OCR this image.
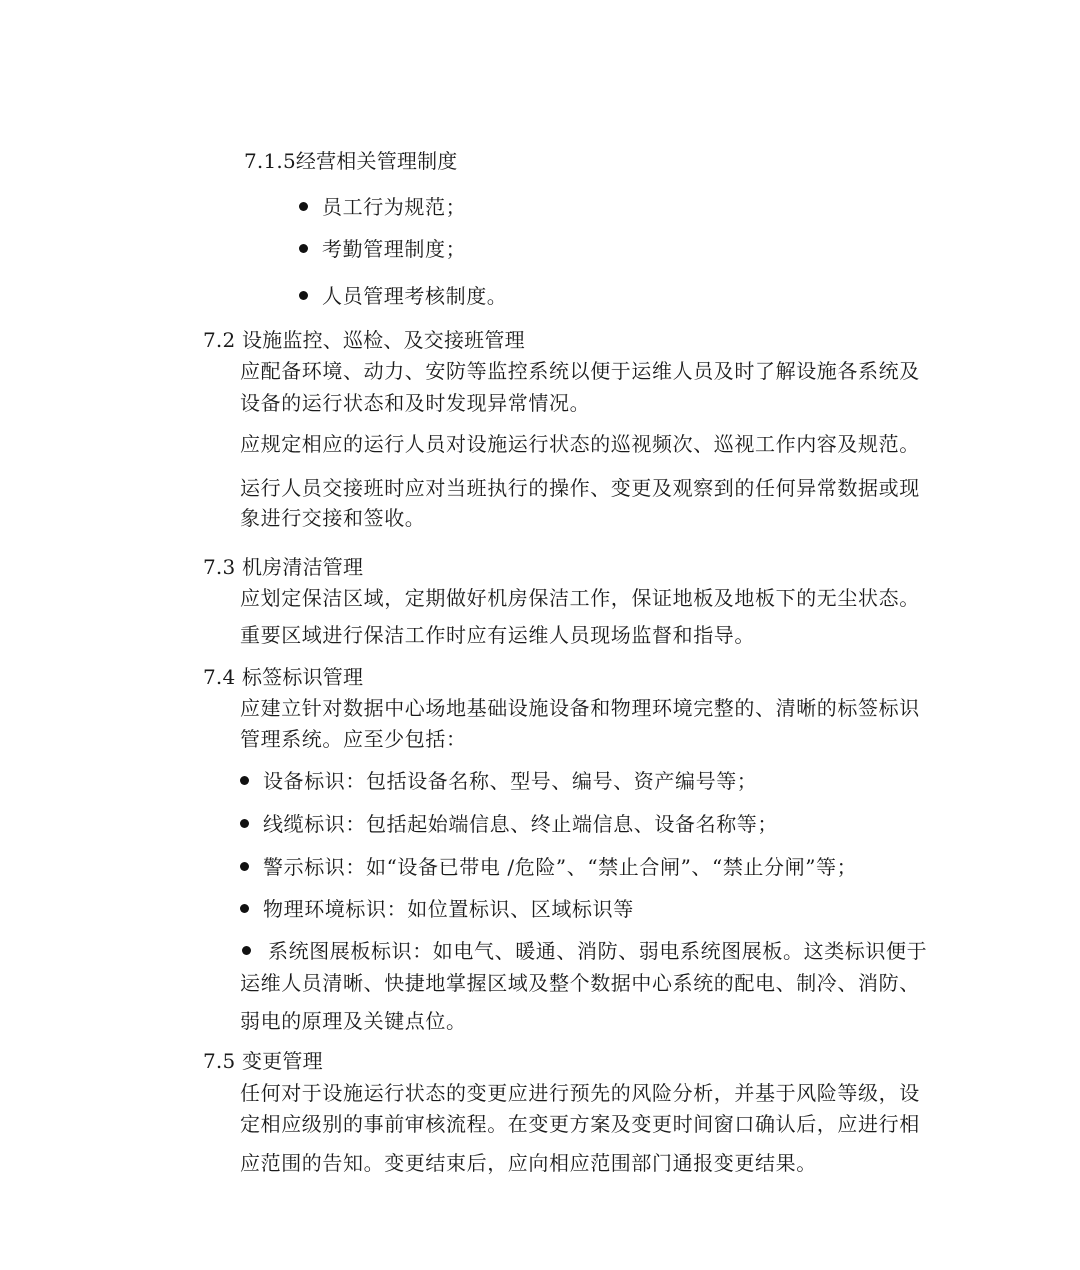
7.1.5经营相关管理制度
员工行为规范；
考勤管理制度；
人员管理考核制度。
7.2 设施监控、巡检、及交接班管理
应配备环境、动力、安防等监控系统以便于运维人员及时了解设施各系统及
设备的运行状态和及时发现异常情况。
应规定相应的运行人员对设施运行状态的巡视频次、巡视工作内容及规范。
运行人员交接班时应对当班执行的操作、变更及观察到的任何异常数据或现
象进行交接和签收。
7.3 机房清洁管理
应划定保洁区域，定期做好机房保洁工作，保证地板及地板下的无尘状态。
重要区域进行保洁工作时应有运维人员现场监督和指导。
7.4 标签标识管理
应建立针对数据中心场地基础设施设备和物理环境完整的、清晰的标签标识
管理系统。应至少包括：
设备标识：包括设备名称、型号、编号、资产编号等；
线缆标识：包括起始端信息、终止端信息、设备名称等；
警示标识：如“设备已带电 /危险”、“禁止合闸”、“禁止分闸”等；
物理环境标识：如位置标识、区域标识等
系统图展板标识：如电气、暖通、消防、弱电系统图展板。这类标识便于
运维人员清晰、快捷地掌握区域及整个数据中心系统的配电、制冷、消防、
弱电的原理及关键点位。
7.5 变更管理
任何对于设施运行状态的变更应进行预先的风险分析，并基于风险等级，设
定相应级别的事前审核流程。在变更方案及变更时间窗口确认后，应进行相
应范围的告知。变更结束后，应向相应范围部门通报变更结果。
